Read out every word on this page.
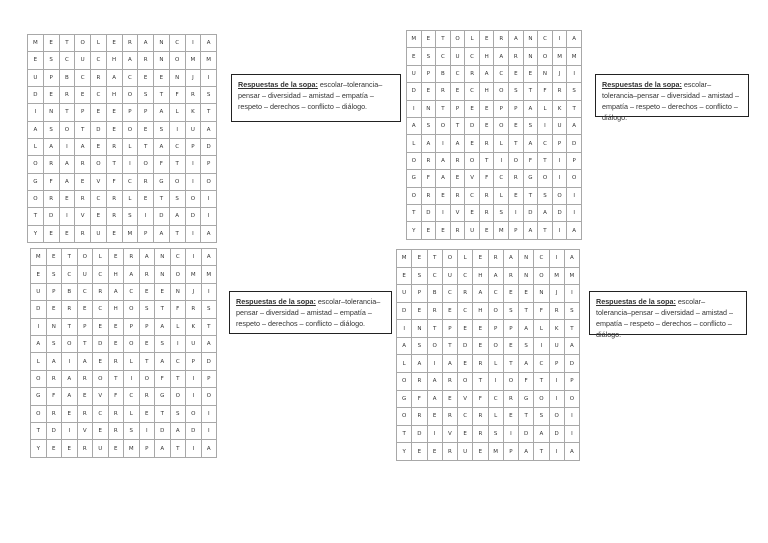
M	E	T	O	L	E	R	A	N	C	I	A
E	S	C	U	C	H	A	R	N	O	M	M
U	P	B	C	R	A	C	E	E	N	J	I
D	E	R	E	C	H	O	S	T	F	R	S
I	N	T	P	E	E	P	P	A	L	K	T
A	S	O	T	D	E	O	E	S	I	U	A
L	A	I	A	E	R	L	T	A	C	P	D
O	R	A	R	O	T	I	O	F	T	I	P
G	F	A	E	V	F	C	R	G	O	I	O
O	R	E	R	C	R	L	E	T	S	O	I
T	D	I	V	E	R	S	I	D	A	D	I
Y	E	E	R	U	E	M	P	A	T	I	A
Respuestas de la sopa: escolar–tolerancia–pensar – diversidad – amistad – empatía – respeto – derechos – conflicto – diálogo.
M	E	T	O	L	E	R	A	N	C	I	A
E	S	C	U	C	H	A	R	N	O	M	M
U	P	B	C	R	A	C	E	E	N	J	I
D	E	R	E	C	H	O	S	T	F	R	S
I	N	T	P	E	E	P	P	A	L	K	T
A	S	O	T	D	E	O	E	S	I	U	A
L	A	I	A	E	R	L	T	A	C	P	D
O	R	A	R	O	T	I	O	F	T	I	P
G	F	A	E	V	F	C	R	G	O	I	O
O	R	E	R	C	R	L	E	T	S	O	I
T	D	I	V	E	R	S	I	D	A	D	I
Y	E	E	R	U	E	M	P	A	T	I	A
Respuestas de la sopa: escolar–tolerancia–pensar – diversidad – amistad – empatía – respeto – derechos – conflicto – diálogo.
M	E	T	O	L	E	R	A	N	C	I	A
E	S	C	U	C	H	A	R	N	O	M	M
U	P	B	C	R	A	C	E	E	N	J	I
D	E	R	E	C	H	O	S	T	F	R	S
I	N	T	P	E	E	P	P	A	L	K	T
A	S	O	T	D	E	O	E	S	I	U	A
L	A	I	A	E	R	L	T	A	C	P	D
O	R	A	R	O	T	I	O	F	T	I	P
G	F	A	E	V	F	C	R	G	O	I	O
O	R	E	R	C	R	L	E	T	S	O	I
T	D	I	V	E	R	S	I	D	A	D	I
Y	E	E	R	U	E	M	P	A	T	I	A
Respuestas de la sopa: escolar–tolerancia–pensar – diversidad – amistad – empatía – respeto – derechos – conflicto – diálogo.
M	E	T	O	L	E	R	A	N	C	I	A
E	S	C	U	C	H	A	R	N	O	M	M
U	P	B	C	R	A	C	E	E	N	J	I
D	E	R	E	C	H	O	S	T	F	R	S
I	N	T	P	E	E	P	P	A	L	K	T
A	S	O	T	D	E	O	E	S	I	U	A
L	A	I	A	E	R	L	T	A	C	P	D
O	R	A	R	O	T	I	O	F	T	I	P
G	F	A	E	V	F	C	R	G	O	I	O
O	R	E	R	C	R	L	E	T	S	O	I
T	D	I	V	E	R	S	I	D	A	D	I
Y	E	E	R	U	E	M	P	A	T	I	A
Respuestas de la sopa: escolar–tolerancia–pensar – diversidad – amistad – empatía – respeto – derechos – conflicto – diálogo.
